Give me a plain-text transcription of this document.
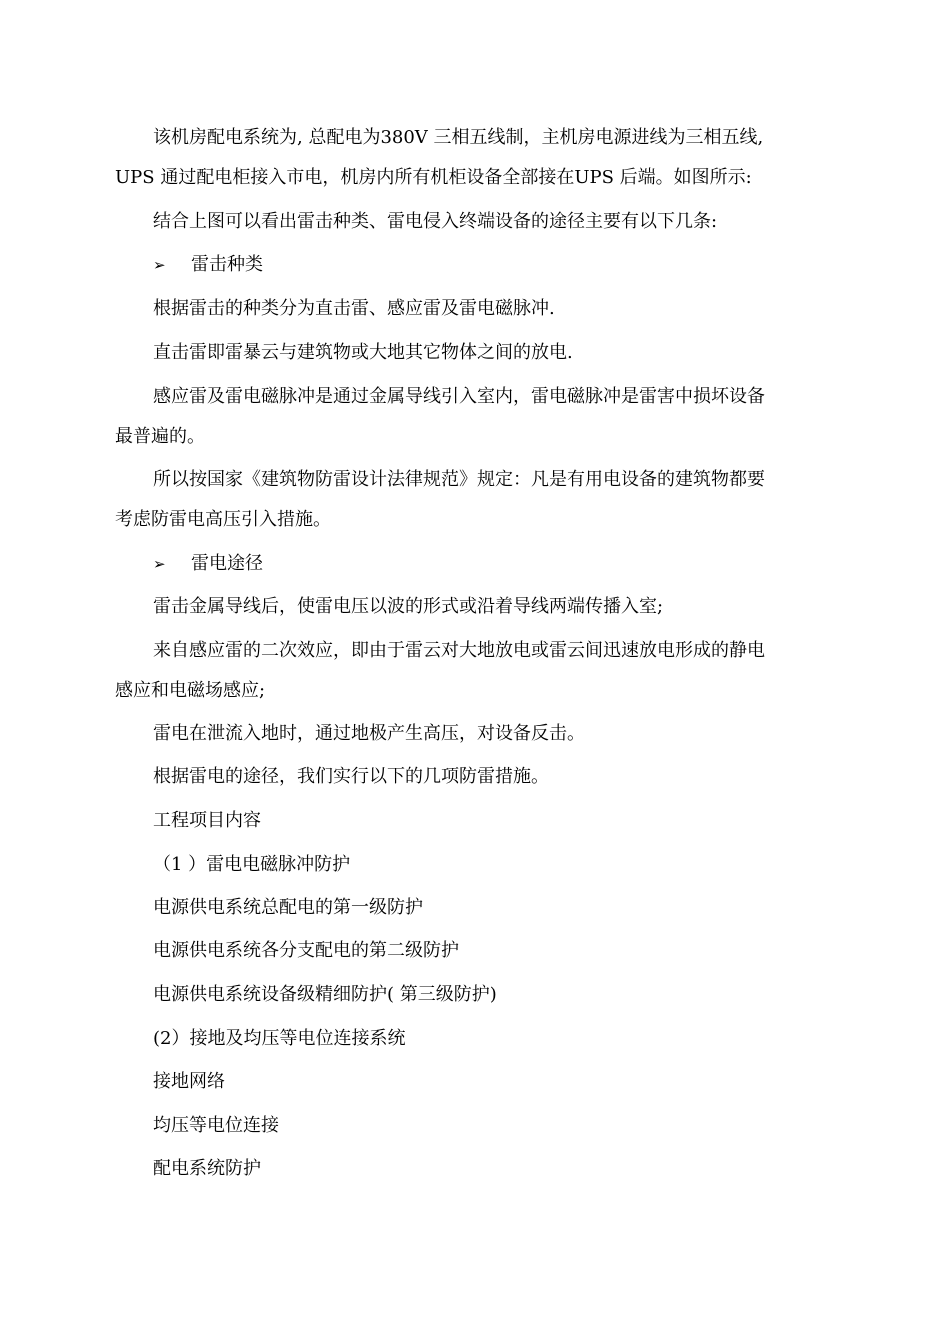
该机房配电系统为, 总配电为380V 三相五线制，主机房电源进线为三相五线,
UPS 通过配电柜接入市电，机房内所有机柜设备全部接在UPS 后端。如图所示:
结合上图可以看出雷击种类、雷电侵入终端设备的途径主要有以下几条:
➢ 雷击种类
根据雷击的种类分为直击雷、感应雷及雷电磁脉冲.
直击雷即雷暴云与建筑物或大地其它物体之间的放电.
感应雷及雷电磁脉冲是通过金属导线引入室内，雷电磁脉冲是雷害中损坏设备
最普遍的。
所以按国家《建筑物防雷设计法律规范》规定：凡是有用电设备的建筑物都要
考虑防雷电高压引入措施。
➢ 雷电途径
雷击金属导线后，使雷电压以波的形式或沿着导线两端传播入室;
来自感应雷的二次效应，即由于雷云对大地放电或雷云间迅速放电形成的静电
感应和电磁场感应;
雷电在泄流入地时，通过地极产生高压，对设备反击。
根据雷电的途径，我们实行以下的几项防雷措施。
工程项目内容
（1 ）雷电电磁脉冲防护
电源供电系统总配电的第一级防护
电源供电系统各分支配电的第二级防护
电源供电系统设备级精细防护( 第三级防护)
(2）接地及均压等电位连接系统
接地网络
均压等电位连接
配电系统防护
